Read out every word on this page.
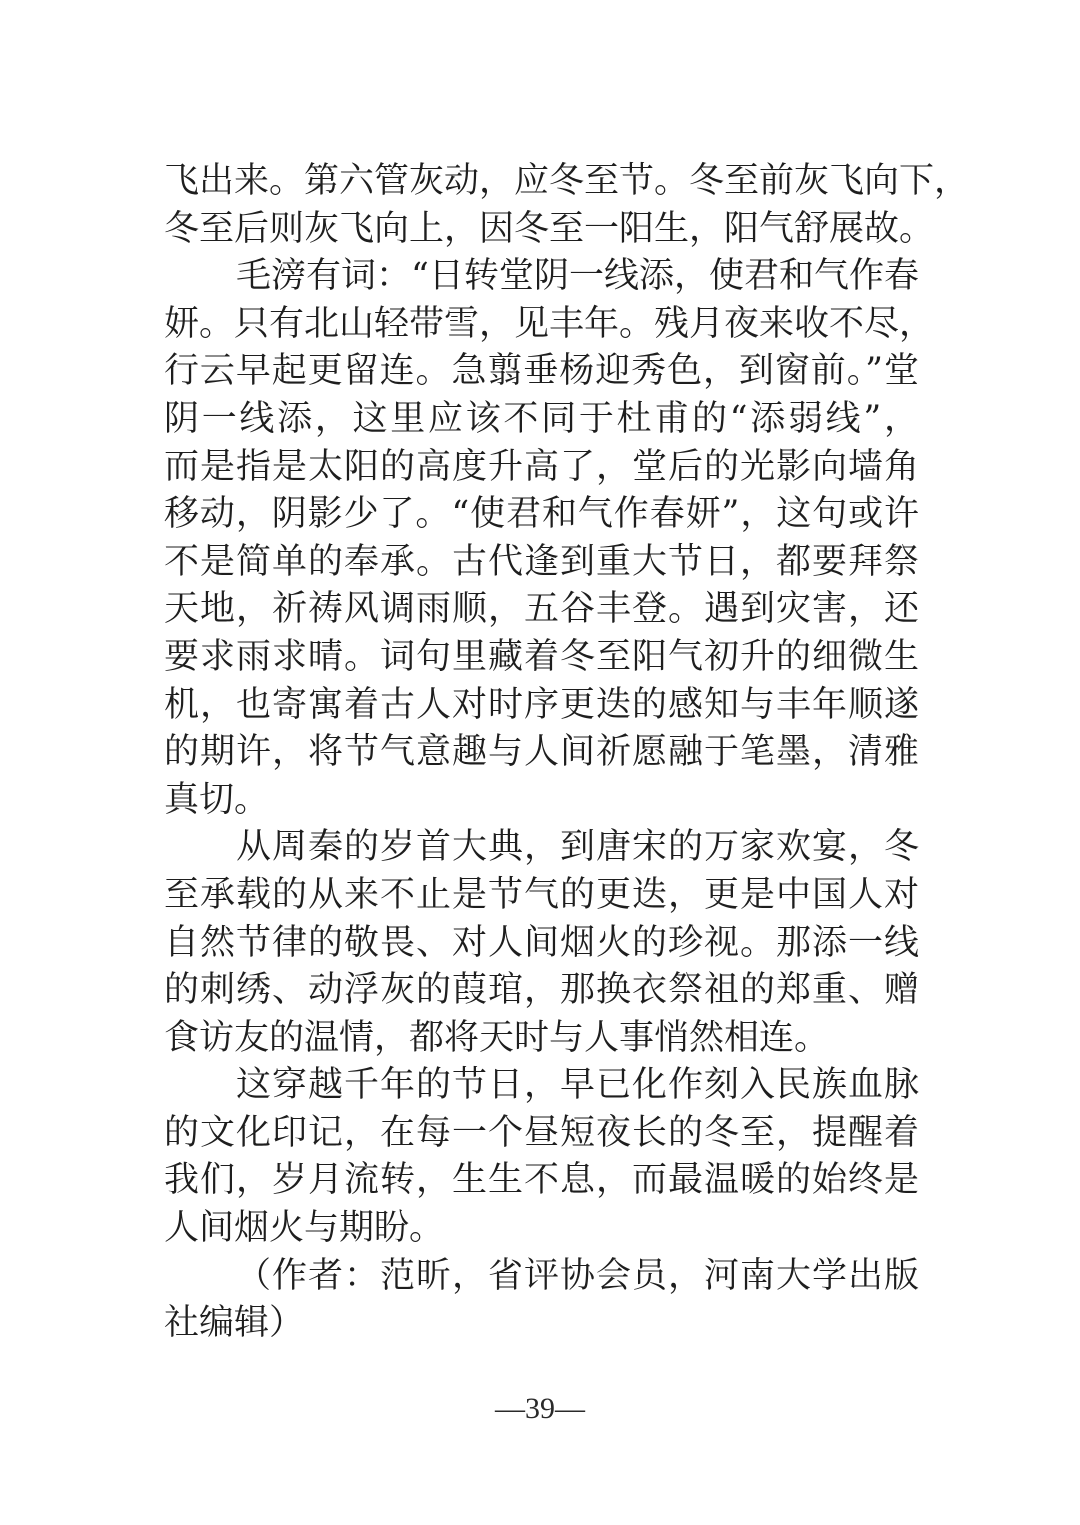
飞出来。第六管灰动，应冬至节。冬至前灰飞向下，
冬至后则灰飞向上，因冬至一阳生，阳气舒展故。
毛滂有词：“日转堂阴一线添，使君和气作春
妍。只有北山轻带雪，见丰年。残月夜来收不尽，
行云早起更留连。急翦垂杨迎秀色，到窗前。”堂
阴一线添，这里应该不同于杜甫的“添弱线”，
而是指是太阳的高度升高了，堂后的光影向墙角
移动，阴影少了。“使君和气作春妍”，这句或许
不是简单的奉承。古代逢到重大节日，都要拜祭
天地，祈祷风调雨顺，五谷丰登。遇到灾害，还
要求雨求晴。词句里藏着冬至阳气初升的细微生
机，也寄寓着古人对时序更迭的感知与丰年顺遂
的期许，将节气意趣与人间祈愿融于笔墨，清雅
真切。
从周秦的岁首大典，到唐宋的万家欢宴，冬
至承载的从来不止是节气的更迭，更是中国人对
自然节律的敬畏、对人间烟火的珍视。那添一线
的刺绣、动浮灰的葭琯，那换衣祭祖的郑重、赠
食访友的温情，都将天时与人事悄然相连。
这穿越千年的节日，早已化作刻入民族血脉
的文化印记，在每一个昼短夜长的冬至，提醒着
我们，岁月流转，生生不息，而最温暖的始终是
人间烟火与期盼。
（作者：范昕，省评协会员，河南大学出版
社编辑）
—39—
